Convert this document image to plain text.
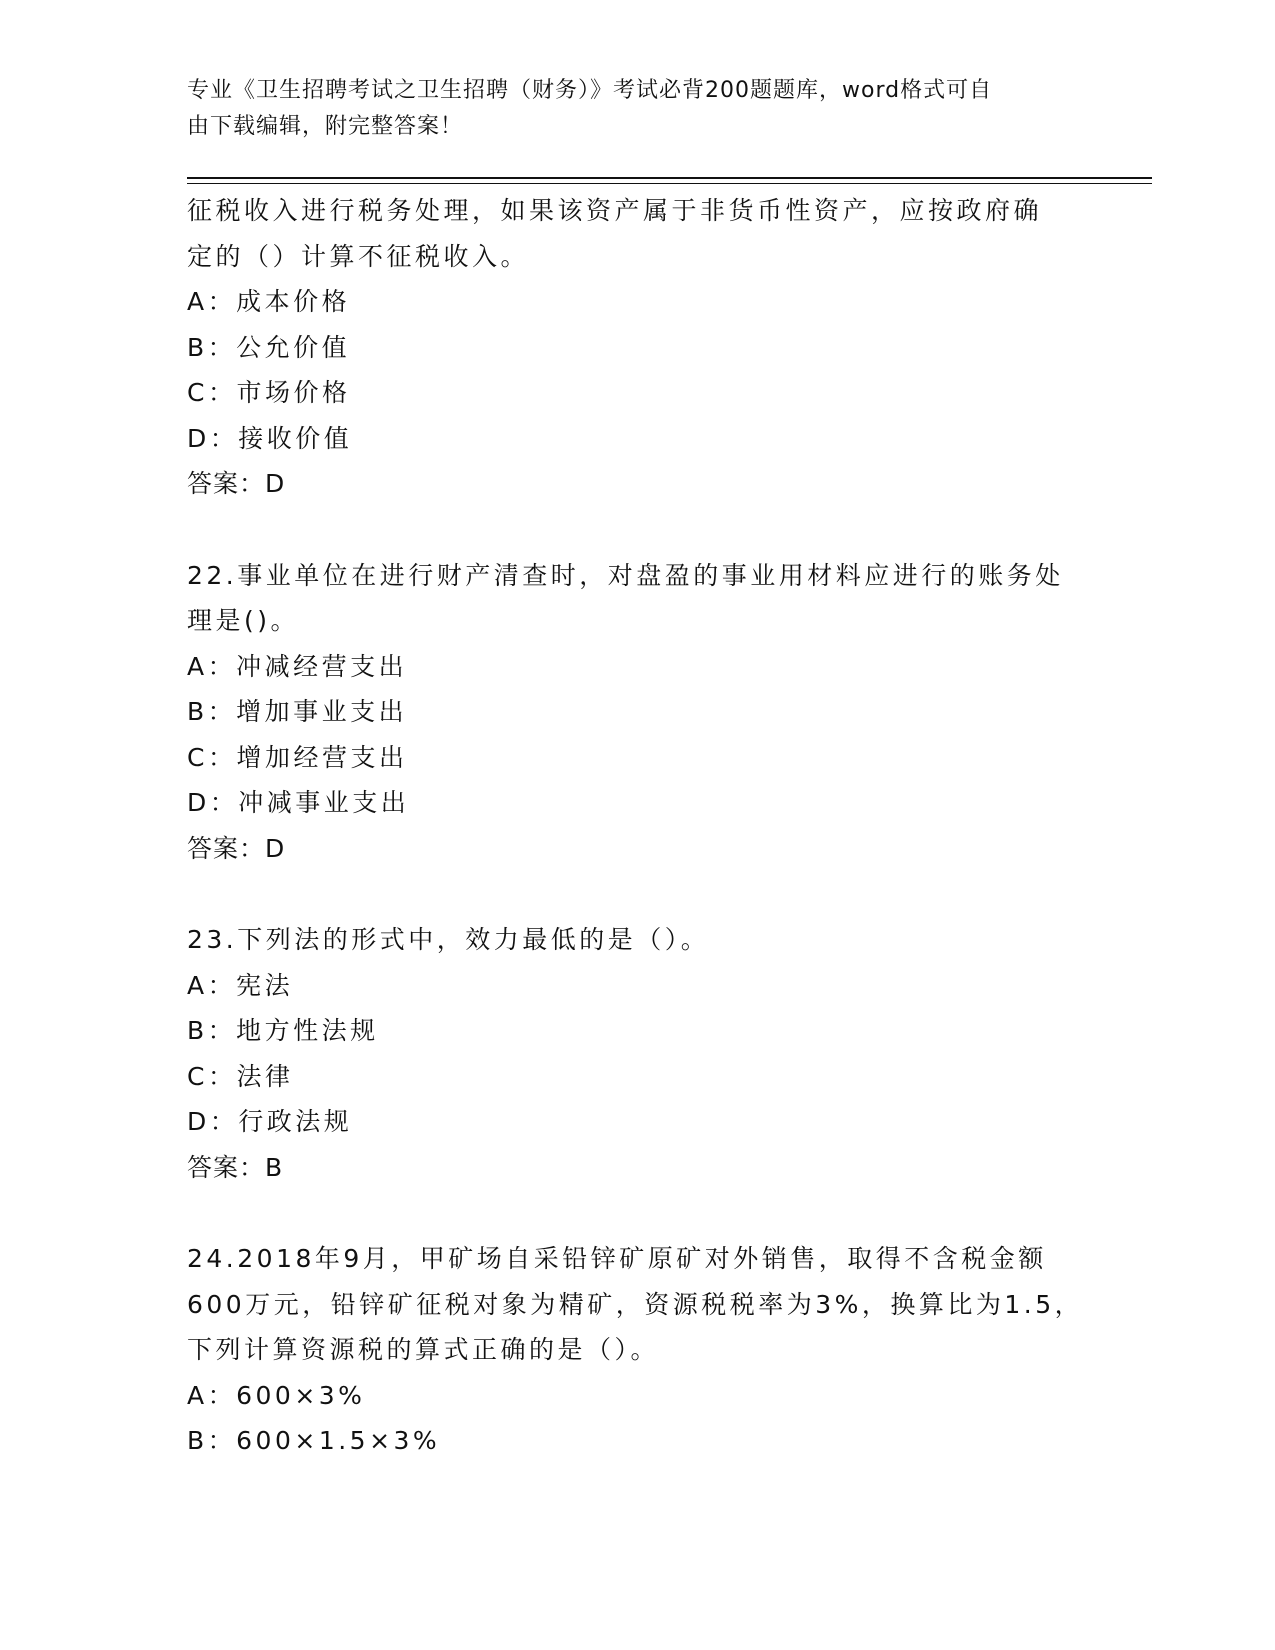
专业《卫生招聘考试之卫生招聘（财务）》考试必背200题题库，word格式可自
由下载编辑，附完整答案！
征税收入进行税务处理，如果该资产属于非货币性资产，应按政府确
定的（）计算不征税收入。
A：成本价格
B：公允价值
C：市场价格
D：接收价值
答案：D
22.事业单位在进行财产清查时，对盘盈的事业用材料应进行的账务处
理是()。
A：冲减经营支出
B：增加事业支出
C：增加经营支出
D：冲减事业支出
答案：D
23.下列法的形式中，效力最低的是（）。
A：宪法
B：地方性法规
C：法律
D：行政法规
答案：B
24.2018年9月，甲矿场自采铅锌矿原矿对外销售，取得不含税金额
600万元，铅锌矿征税对象为精矿，资源税税率为3%，换算比为1.5，
下列计算资源税的算式正确的是（）。
A：600×3%
B：600×1.5×3%
